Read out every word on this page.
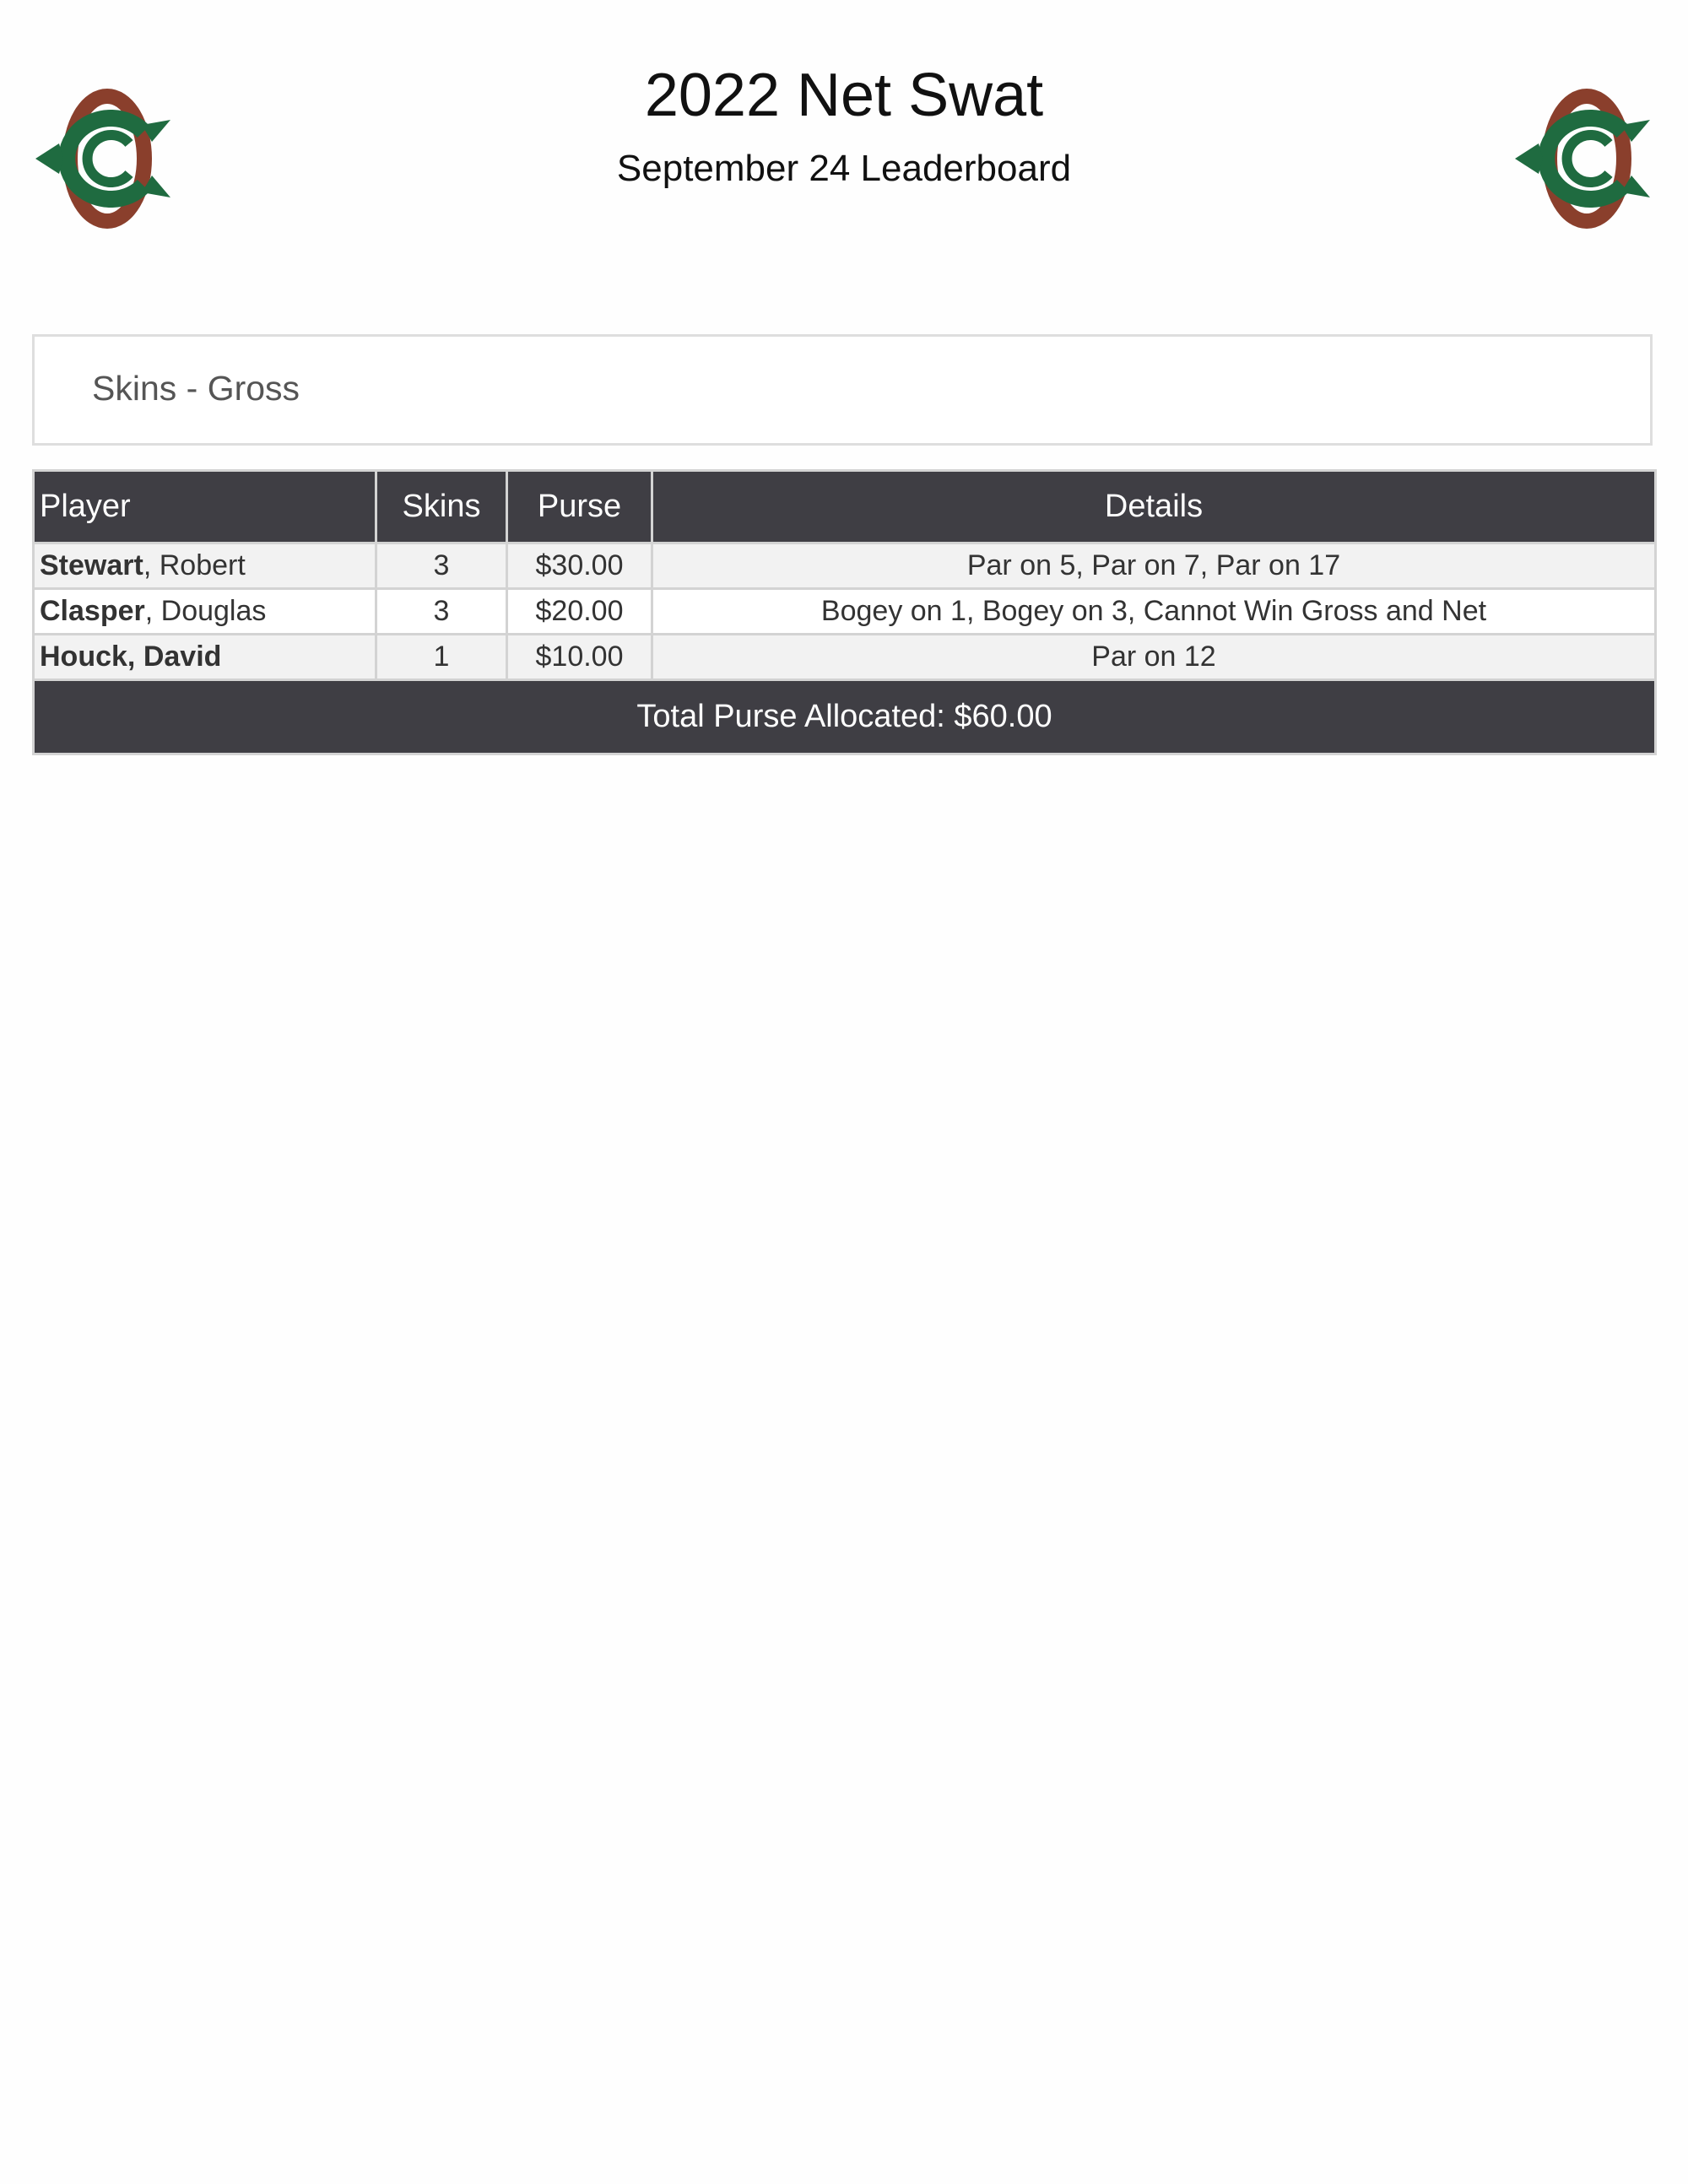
2022 Net Swat
September 24 Leaderboard
Skins - Gross
Player	Skins	Purse	Details
Stewart, Robert	3	$30.00	Par on 5, Par on 7, Par on 17
Clasper, Douglas	3	$20.00	Bogey on 1, Bogey on 3, Cannot Win Gross and Net
Houck, David	1	$10.00	Par on 12
Total Purse Allocated: $60.00			
